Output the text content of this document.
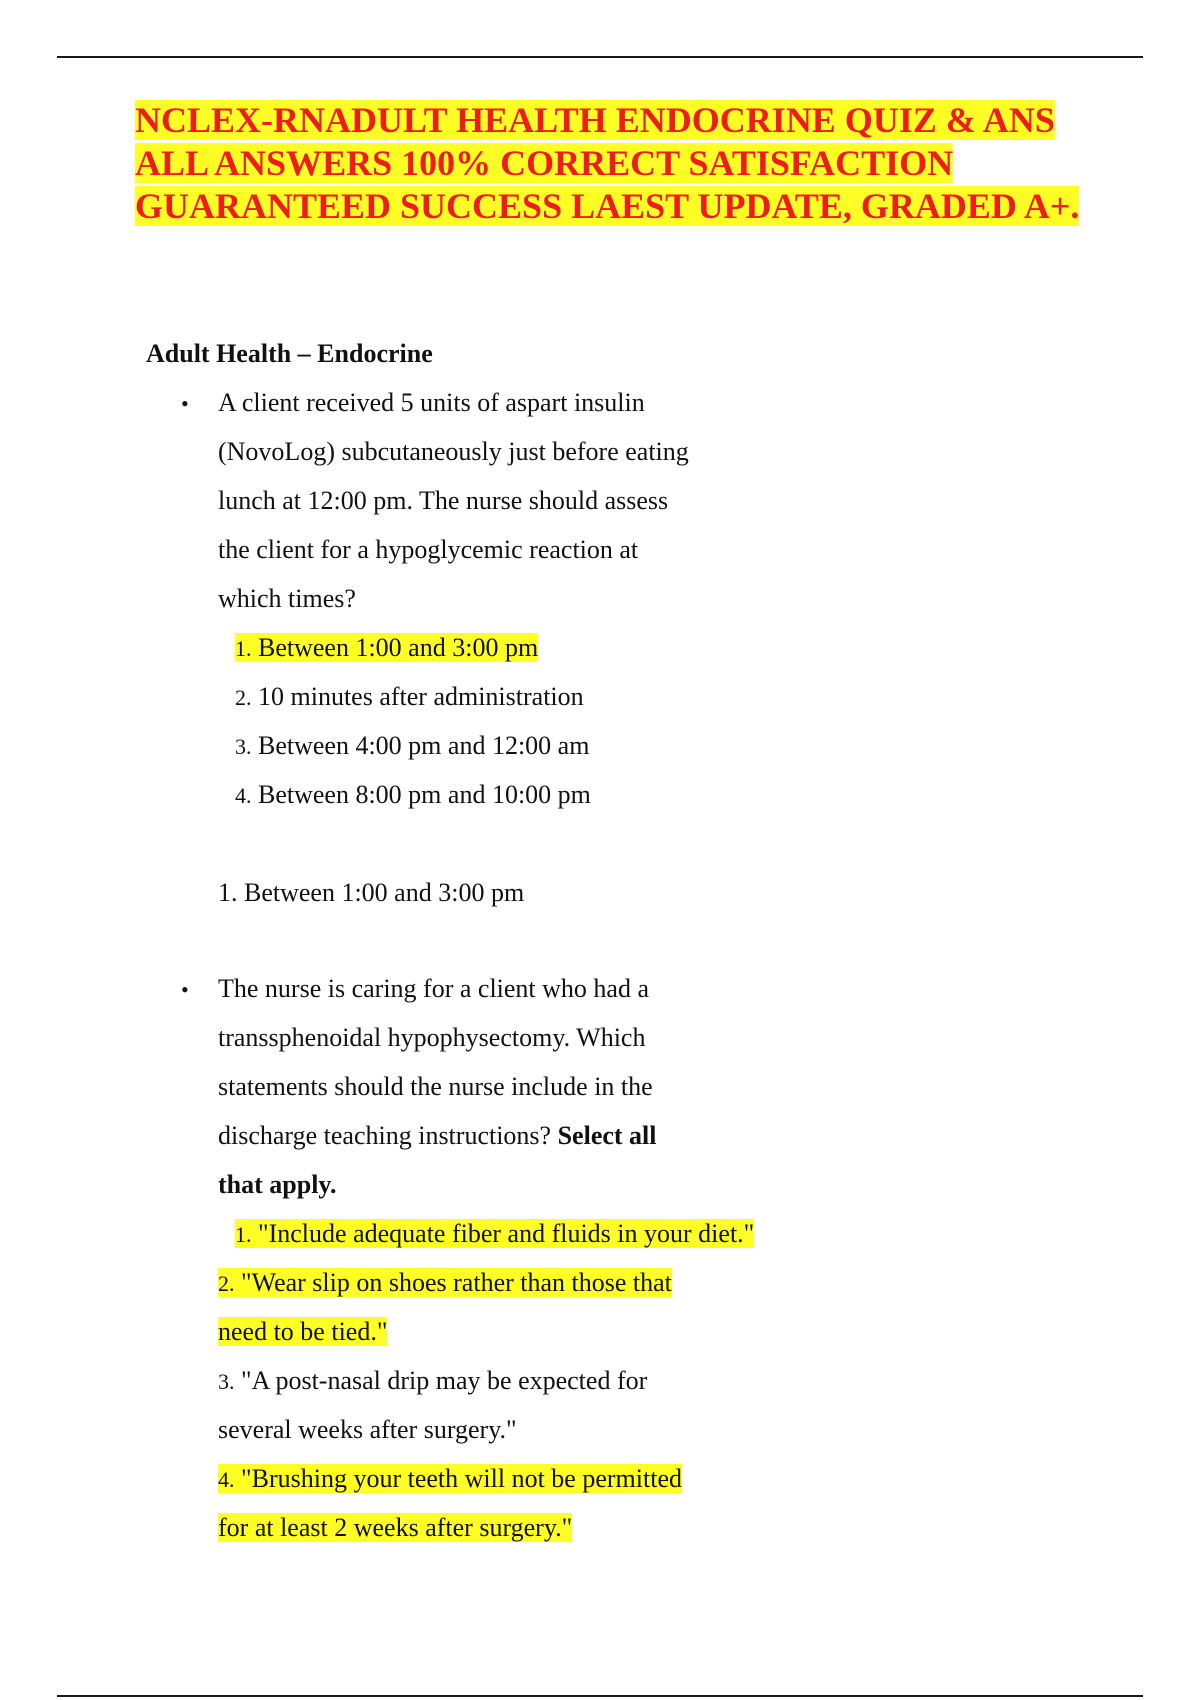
NCLEX-RNADULT HEALTH ENDOCRINE QUIZ & ANS
ALL ANSWERS 100% CORRECT SATISFACTION
GUARANTEED SUCCESS LAEST UPDATE, GRADED A+.
Adult Health – Endocrine
• A client received 5 units of aspart insulin
(NovoLog) subcutaneously just before eating
lunch at 12:00 pm. The nurse should assess
the client for a hypoglycemic reaction at
which times?
1. Between 1:00 and 3:00 pm
2. 10 minutes after administration
3. Between 4:00 pm and 12:00 am
4. Between 8:00 pm and 10:00 pm
1. Between 1:00 and 3:00 pm
• The nurse is caring for a client who had a
transsphenoidal hypophysectomy. Which
statements should the nurse include in the
discharge teaching instructions? Select all
that apply.
1. "Include adequate fiber and fluids in your diet."
2. "Wear slip on shoes rather than those that
need to be tied."
3. "A post-nasal drip may be expected for
several weeks after surgery."
4. "Brushing your teeth will not be permitted
for at least 2 weeks after surgery."
